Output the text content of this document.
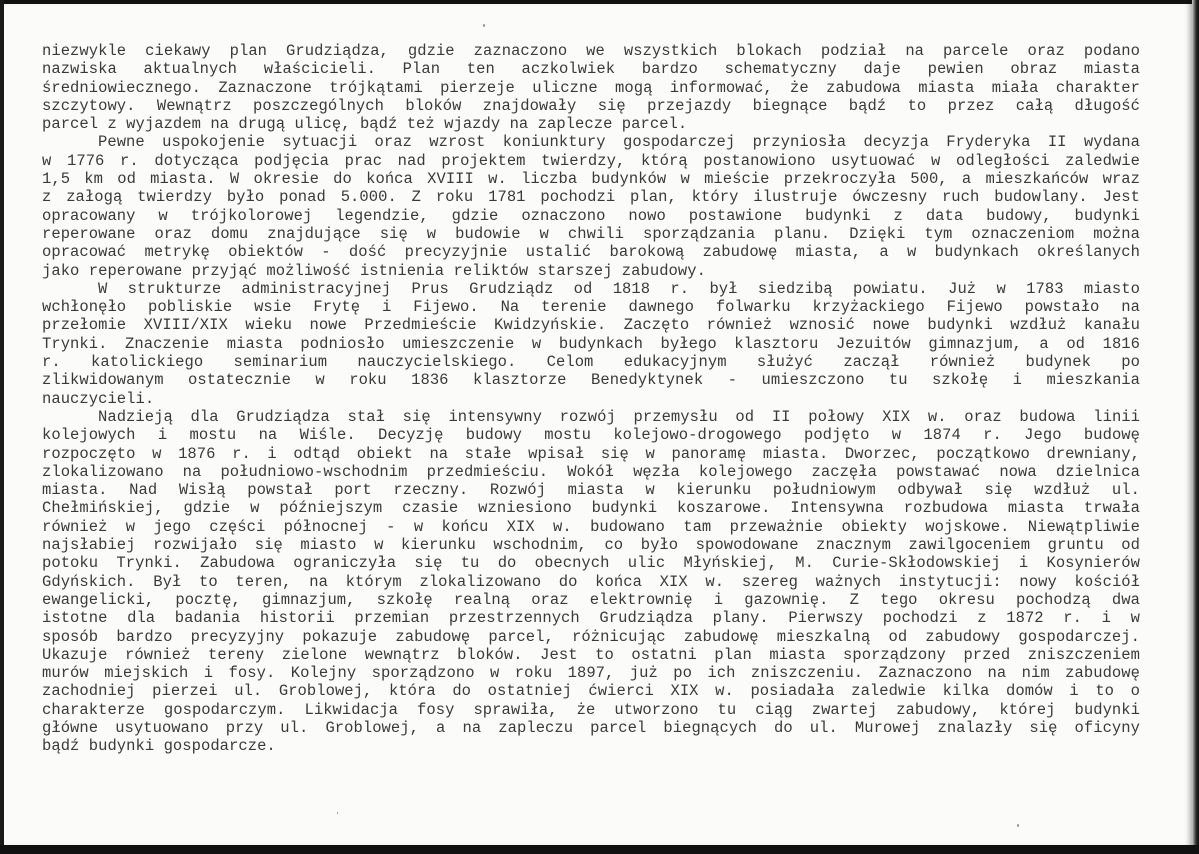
niezwykle ciekawy plan Grudziądza, gdzie zaznaczono we wszystkich blokach podział na parcele oraz podano
nazwiska aktualnych właścicieli. Plan ten aczkolwiek bardzo schematyczny daje pewien obraz miasta
średniowiecznego. Zaznaczone trójkątami pierzeje uliczne mogą informować, że zabudowa miasta miała charakter
szczytowy. Wewnątrz poszczególnych bloków znajdowały się przejazdy biegnące bądź to przez całą długość
parcel z wyjazdem na drugą ulicę, bądź też wjazdy na zaplecze parcel.
Pewne uspokojenie sytuacji oraz wzrost koniunktury gospodarczej przyniosła decyzja Fryderyka II wydana
w 1776 r. dotycząca podjęcia prac nad projektem twierdzy, którą postanowiono usytuować w odległości zaledwie
1,5 km od miasta. W okresie do końca XVIII w. liczba budynków w mieście przekroczyła 500, a mieszkańców wraz
z załogą twierdzy było ponad 5.000. Z roku 1781 pochodzi plan, który ilustruje ówczesny ruch budowlany. Jest
opracowany w trójkolorowej legendzie, gdzie oznaczono nowo postawione budynki z data budowy, budynki
reperowane oraz domu znajdujące się w budowie w chwili sporządzania planu. Dzięki tym oznaczeniom można
opracować metrykę obiektów - dość precyzyjnie ustalić barokową zabudowę miasta, a w budynkach określanych
jako reperowane przyjąć możliwość istnienia reliktów starszej zabudowy.
W strukturze administracyjnej Prus Grudziądz od 1818 r. był siedzibą powiatu. Już w 1783 miasto
wchłonęło pobliskie wsie Frytę i Fijewo. Na terenie dawnego folwarku krzyżackiego Fijewo powstało na
przełomie XVIII/XIX wieku nowe Przedmieście Kwidzyńskie. Zaczęto również wznosić nowe budynki wzdłuż kanału
Trynki. Znaczenie miasta podniosło umieszczenie w budynkach byłego klasztoru Jezuitów gimnazjum, a od 1816
r. katolickiego seminarium nauczycielskiego. Celom edukacyjnym służyć zaczął również budynek po
zlikwidowanym ostatecznie w roku 1836 klasztorze Benedyktynek - umieszczono tu szkołę i mieszkania
nauczycieli.
Nadzieją dla Grudziądza stał się intensywny rozwój przemysłu od II połowy XIX w. oraz budowa linii
kolejowych i mostu na Wiśle. Decyzję budowy mostu kolejowo-drogowego podjęto w 1874 r. Jego budowę
rozpoczęto w 1876 r. i odtąd obiekt na stałe wpisał się w panoramę miasta. Dworzec, początkowo drewniany,
zlokalizowano na południowo-wschodnim przedmieściu. Wokół węzła kolejowego zaczęła powstawać nowa dzielnica
miasta. Nad Wisłą powstał port rzeczny. Rozwój miasta w kierunku południowym odbywał się wzdłuż ul.
Chełmińskiej, gdzie w późniejszym czasie wzniesiono budynki koszarowe. Intensywna rozbudowa miasta trwała
również w jego części północnej - w końcu XIX w. budowano tam przeważnie obiekty wojskowe. Niewątpliwie
najsłabiej rozwijało się miasto w kierunku wschodnim, co było spowodowane znacznym zawilgoceniem gruntu od
potoku Trynki. Zabudowa ograniczyła się tu do obecnych ulic Młyńskiej, M. Curie-Skłodowskiej i Kosynierów
Gdyńskich. Był to teren, na którym zlokalizowano do końca XIX w. szereg ważnych instytucji: nowy kościół
ewangelicki, pocztę, gimnazjum, szkołę realną oraz elektrownię i gazownię. Z tego okresu pochodzą dwa
istotne dla badania historii przemian przestrzennych Grudziądza plany. Pierwszy pochodzi z 1872 r. i w
sposób bardzo precyzyjny pokazuje zabudowę parcel, różnicując zabudowę mieszkalną od zabudowy gospodarczej.
Ukazuje również tereny zielone wewnątrz bloków. Jest to ostatni plan miasta sporządzony przed zniszczeniem
murów miejskich i fosy. Kolejny sporządzono w roku 1897, już po ich zniszczeniu. Zaznaczono na nim zabudowę
zachodniej pierzei ul. Groblowej, która do ostatniej ćwierci XIX w. posiadała zaledwie kilka domów i to o
charakterze gospodarczym. Likwidacja fosy sprawiła, że utworzono tu ciąg zwartej zabudowy, której budynki
główne usytuowano przy ul. Groblowej, a na zapleczu parcel biegnących do ul. Murowej znalazły się oficyny
bądź budynki gospodarcze.
